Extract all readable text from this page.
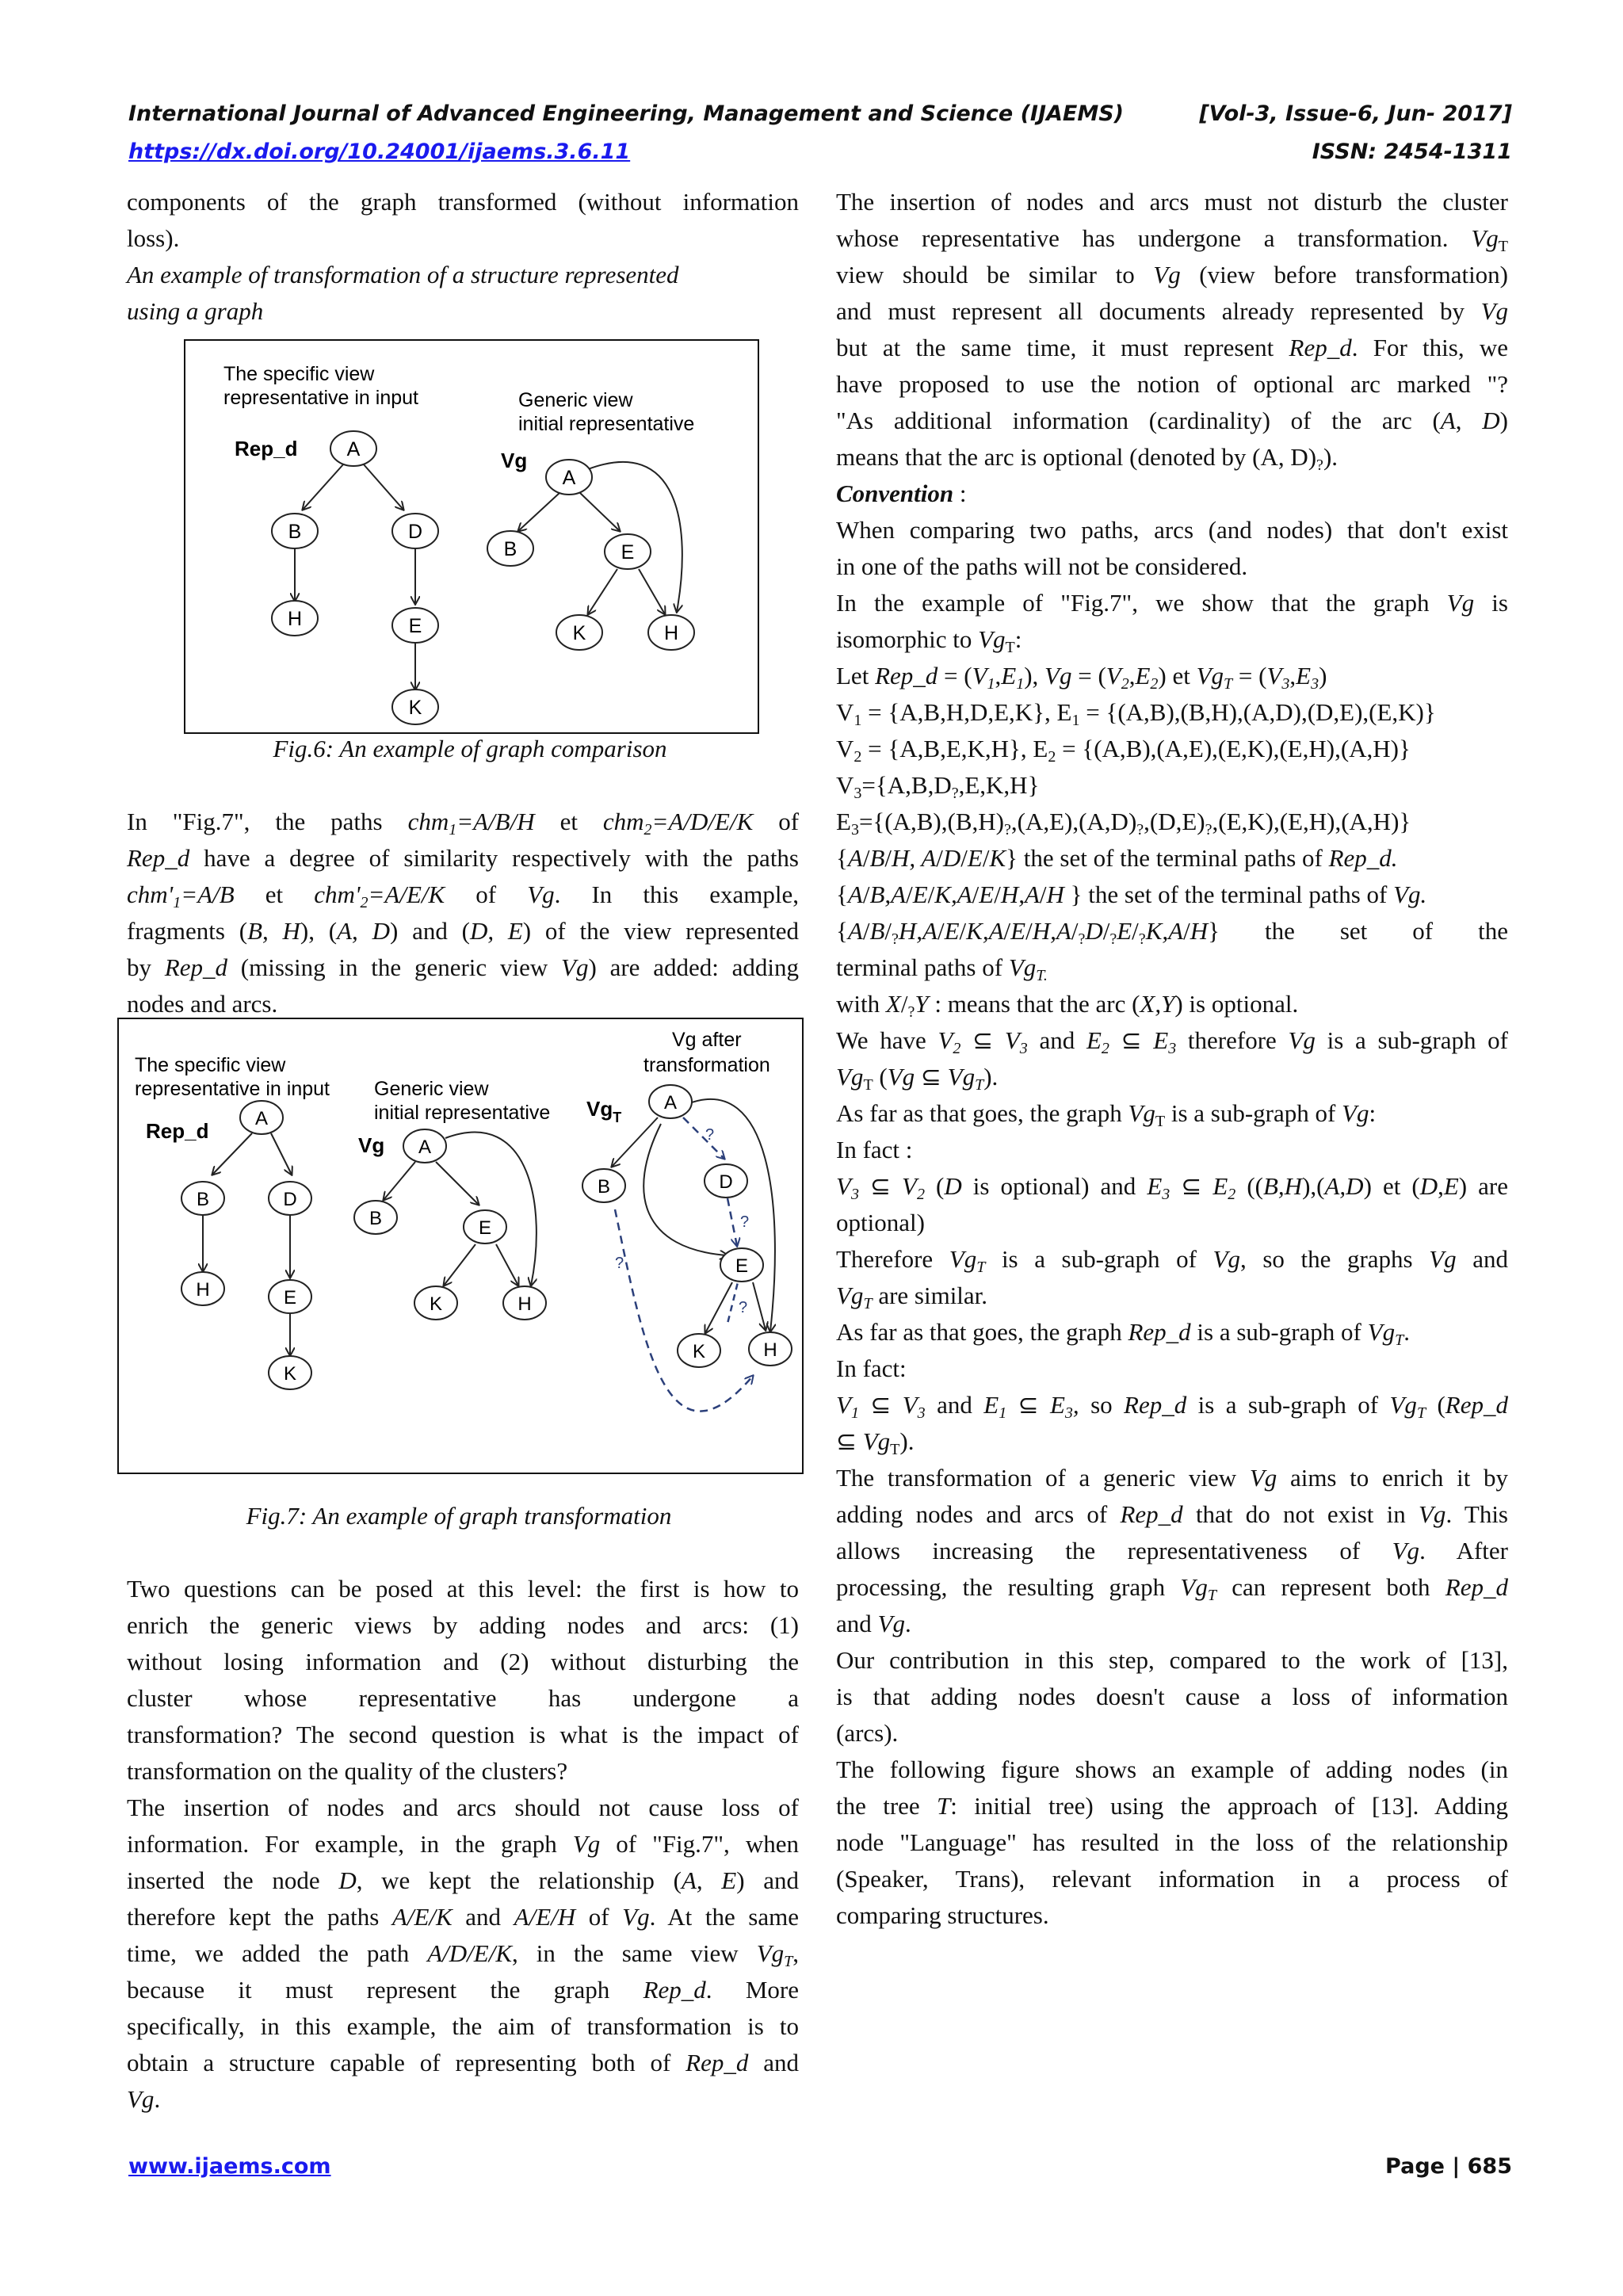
International Journal of Advanced Engineering, Management and Science (IJAEMS)	[Vol-3, Issue-6, Jun- 2017]
https://dx.doi.org/10.24001/ijaems.3.6.11	ISSN: 2454-1311

components of the graph transformed (without information

loss).

An example of transformation of a structure represented
using a graph

The specific view
representative in input	Generic view
initial representative
Rep_d	Vg
A
B	D
H	E
K
A
B	E
K	H
Fig.6: An example of graph comparison

In "Fig.7", the paths chm$_1$=A/B/H et chm$_2$=A/D/E/K of

Rep_d have a degree of similarity respectively with the paths

$chm'_1=A/B$ et $chm'_2=A/E/K$ of Vg. In this example,

fragments (B, H), (A, D) and (D, E) of the view represented

by Rep_d (missing in the generic view Vg) are added: adding

nodes and arcs.

The specific view
representative in input Generic view
initial representative
Vg after
transformation
Rep_d
Vg
$Vg_T$
?
?
?
?
A
B	D
H	E
K
A
B	E
K	H
A
B	D
E
K	H
Fig.7: An example of graph transformation

Two questions can be posed at this level: the first is how to

enrich the generic views by adding nodes and arcs: (1)

without losing information and (2) without disturbing the

cluster whose representative has undergone a

transformation? The second question is what is the impact of

transformation on the quality of the clusters?

The insertion of nodes and arcs should not cause loss of

information. For example, in the graph Vg of "Fig.7", when

inserted the node D, we kept the relationship (A, E) and

therefore kept the paths A/E/K and A/E/H of Vg. At the same

time, we added the path A/D/E/K, in the same view $Vg_T$,

because it must represent the graph Rep_d. More

specifically, in this example, the aim of transformation is to

obtain a structure capable of representing both of Rep_d and

Vg.

The insertion of nodes and arcs must not disturb the cluster

whose representative has undergone a transformation. $Vg_T$

view should be similar to Vg (view before transformation)

and must represent all documents already represented by Vg

but at the same time, it must represent Rep_d. For this, we

have proposed to use the notion of optional arc marked "?

"As additional information (cardinality) of the arc (A, D)

means that the arc is optional (denoted by (A, $D)_?$).

Convention :

When comparing two paths, arcs (and nodes) that don't exist

in one of the paths will not be considered.

In the example of "Fig.7", we show that the graph Vg is

isomorphic to $Vg_T$:

Let Rep_d = $(V_1,E_1)$, $Vg = (V_2,E_2)$ et $Vg_T = (V_3,E_3)$

$V_1 = \{A,B,H,D,E,K\}$, $E_1 = \{(A,B),(B,H),(A,D),(D,E),(E,K)\}$

$V_2 = \{A,B,E,K,H\}$, $E_2 = \{(A,B),(A,E),(E,K),(E,H),(A,H)\}$

$V_3=\{A,B,D_?,E,K,H\}$

$E_3=\{(A,B),(B,H)_?,(A,E),(A,D)_?,(D,E)_?,(E,K),(E,H),(A,H)\}$

{A/B/H, A/D/E/K} the set of the terminal paths of Rep_d.

{A/B,A/E/K,A/E/H,A/H } the set of the terminal paths of Vg.

$\{A/B/_?H,A/E/K,A/E/H,A/_?D/_?E/_?K,A/H\}$ the set of the

terminal paths of $Vg_{T.}$

with $X/_?Y$ : means that the arc (X,Y) is optional.

We have $V_2$ ⊆ $V_3$ and $E_2$ ⊆ $E_3$ therefore Vg is a sub-graph of

$Vg_T$ (Vg ⊆ $Vg_T$).

As far as that goes, the graph $Vg_T$ is a sub-graph of Vg:

In fact :

$V_3$ ⊆ $V_2$ (D is optional) and $E_3$ ⊆ $E_2$ ((B,H),(A,D) et (D,E) are

optional)

Therefore $Vg_T$ is a sub-graph of Vg, so the graphs Vg and

$Vg_T$ are similar.

As far as that goes, the graph Rep_d is a sub-graph of $Vg_T$.

In fact:

$V_1$ ⊆ $V_3$ and $E_1$ ⊆ $E_3$, so Rep_d is a sub-graph of $Vg_T$ (Rep_d

⊆ $Vg_T$).

The transformation of a generic view Vg aims to enrich it by

adding nodes and arcs of Rep_d that do not exist in Vg. This

allows increasing the representativeness of Vg. After

processing, the resulting graph $Vg_T$ can represent both Rep_d

and Vg.

Our contribution in this step, compared to the work of [13],

is that adding nodes doesn't cause a loss of information

(arcs).

The following figure shows an example of adding nodes (in

the tree T: initial tree) using the approach of [13]. Adding

node "Language" has resulted in the loss of the relationship

(Speaker, Trans), relevant information in a process of

comparing structures.

www.ijaems.com	Page | 685
